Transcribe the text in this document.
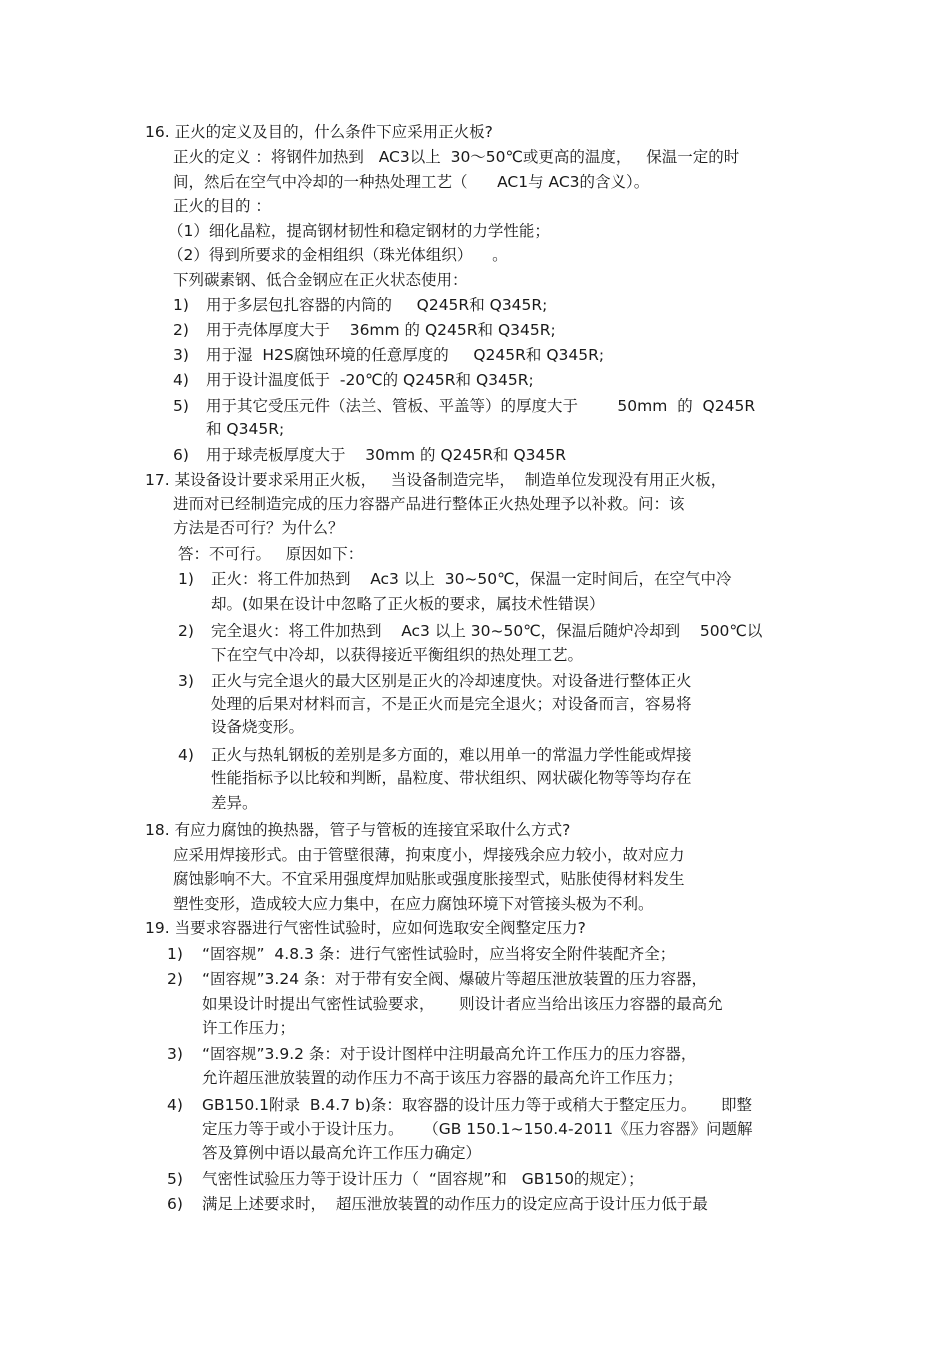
16. 正火的定义及目的，什么条件下应采用正火板?
正火的定义 ：将钢件加热到   AC3以上  30～50℃或更高的温度，   保温一定的时
间，然后在空气中冷却的一种热处理工艺（      AC1与 AC3的含义）。
正火的目的 ：
（1）细化晶粒，提高钢材韧性和稳定钢材的力学性能；
（2）得到所要求的金相组织（珠光体组织）    。
下列碳素钢、低合金钢应在正火状态使用：
1) 用于多层包扎容器的内筒的     Q245R和 Q345R;
2) 用于壳体厚度大于    36mm 的 Q245R和 Q345R;
3) 用于湿  H2S腐蚀环境的任意厚度的     Q245R和 Q345R;
4) 用于设计温度低于  -20℃的 Q245R和 Q345R;
5) 用于其它受压元件（法兰、管板、平盖等）的厚度大于        50mm  的  Q245R
和 Q345R;
6) 用于球壳板厚度大于    30mm 的 Q245R和 Q345R
17. 某设备设计要求采用正火板，   当设备制造完毕，  制造单位发现没有用正火板，
进而对已经制造完成的压力容器产品进行整体正火热处理予以补救。问：该
方法是否可行？为什么？
答：不可行。   原因如下：
1) 正火：将工件加热到    Ac3 以上  30~50℃，保温一定时间后，在空气中冷
却。(如果在设计中忽略了正火板的要求，属技术性错误）
2) 完全退火：将工件加热到    Ac3 以上 30~50℃，保温后随炉冷却到    500℃以
下在空气中冷却，以获得接近平衡组织的热处理工艺。
3) 正火与完全退火的最大区别是正火的冷却速度快。对设备进行整体正火
处理的后果对材料而言，不是正火而是完全退火；对设备而言，容易将
设备烧变形。
4) 正火与热轧钢板的差别是多方面的，难以用单一的常温力学性能或焊接
性能指标予以比较和判断，晶粒度、带状组织、网状碳化物等等均存在
差异。
18. 有应力腐蚀的换热器，管子与管板的连接宜采取什么方式?
应采用焊接形式。由于管壁很薄，拘束度小，焊接残余应力较小，故对应力
腐蚀影响不大。不宜采用强度焊加贴胀或强度胀接型式，贴胀使得材料发生
塑性变形，造成较大应力集中，在应力腐蚀环境下对管接头极为不利。
19. 当要求容器进行气密性试验时，应如何选取安全阀整定压力?
1) “固容规”  4.8.3 条：进行气密性试验时，应当将安全附件装配齐全；
2) “固容规”3.24 条：对于带有安全阀、爆破片等超压泄放装置的压力容器，
如果设计时提出气密性试验要求，     则设计者应当给出该压力容器的最高允
许工作压力；
3) “固容规”3.9.2 条：对于设计图样中注明最高允许工作压力的压力容器，
允许超压泄放装置的动作压力不高于该压力容器的最高允许工作压力；
4) GB150.1附录  B.4.7 b)条：取容器的设计压力等于或稍大于整定压力。     即整
定压力等于或小于设计压力。    （GB 150.1~150.4-2011《压力容器》问题解
答及算例中语以最高允许工作压力确定）
5) 气密性试验压力等于设计压力（  “固容规”和   GB150的规定）；
6) 满足上述要求时，  超压泄放装置的动作压力的设定应高于设计压力低于最
